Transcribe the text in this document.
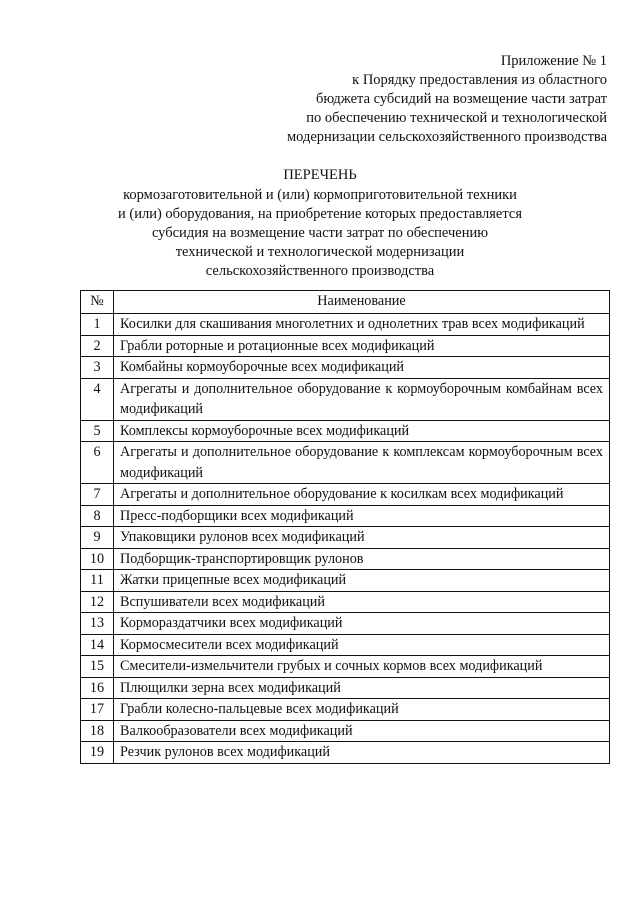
Приложение № 1
к Порядку предоставления из областного
бюджета субсидий на возмещение части затрат
по обеспечению технической и технологической
модернизации сельскохозяйственного производства
ПЕРЕЧЕНЬ
кормозаготовительной и (или) кормоприготовительной техники
и (или) оборудования, на приобретение которых предоставляется
субсидия на возмещение части затрат по обеспечению
технической и технологической модернизации
сельскохозяйственного производства
№	Наименование
1	Косилки для скашивания многолетних и однолетних трав всех модификаций
2	Грабли роторные и ротационные всех модификаций
3	Комбайны кормоуборочные всех модификаций
4	Агрегаты и дополнительное оборудование к кормоуборочным комбайнам всех модификаций
5	Комплексы кормоуборочные всех модификаций
6	Агрегаты и дополнительное оборудование к комплексам кормоуборочным всех модификаций
7	Агрегаты и дополнительное оборудование к косилкам всех модификаций
8	Пресс-подборщики всех модификаций
9	Упаковщики рулонов всех модификаций
10	Подборщик-транспортировщик рулонов
11	Жатки прицепные всех модификаций
12	Вспушиватели всех модификаций
13	Кормораздатчики всех модификаций
14	Кормосмесители всех модификаций
15	Смесители-измельчители грубых и сочных кормов всех модификаций
16	Плющилки зерна всех модификаций
17	Грабли колесно-пальцевые всех модификаций
18	Валкообразователи всех модификаций
19	Резчик рулонов всех модификаций
